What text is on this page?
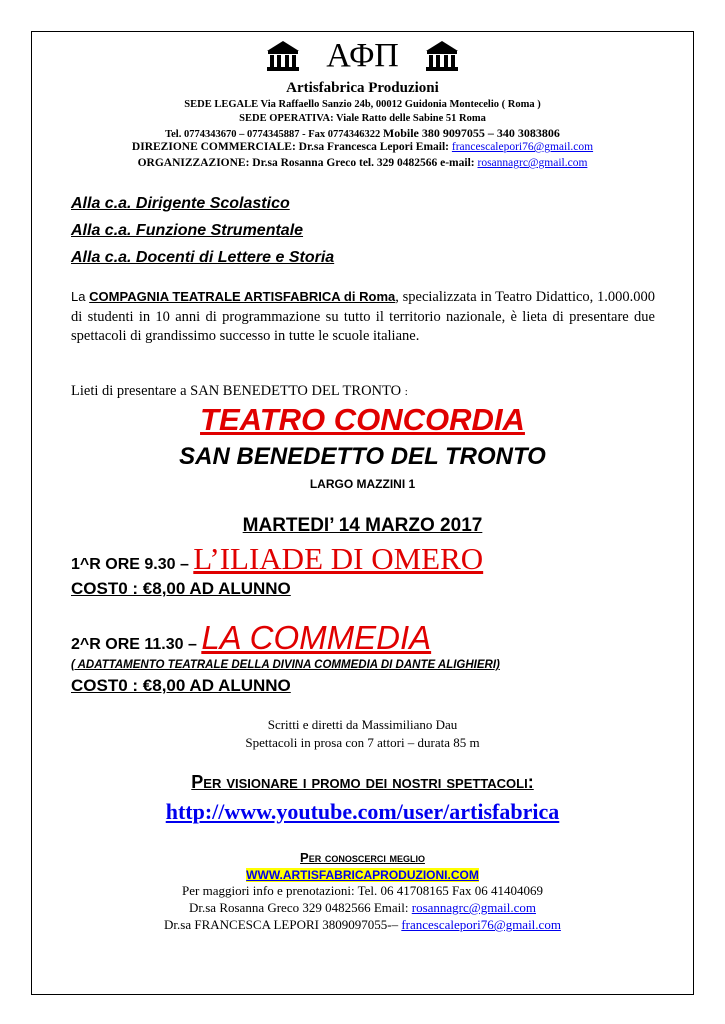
ΑΦΠ
Artisfabrica Produzioni
SEDE LEGALE Via Raffaello Sanzio 24b, 00012 Guidonia Montecelio ( Roma )
SEDE OPERATIVA: Viale Ratto delle Sabine 51 Roma
Tel. 0774343670 – 0774345887 - Fax 0774346322 Mobile 380 9097055 – 340 3083806
DIREZIONE COMMERCIALE: Dr.sa Francesca Lepori Email: francescalepori76@gmail.com
ORGANIZZAZIONE: Dr.sa Rosanna Greco tel. 329 0482566 e-mail: rosannagrc@gmail.com
Alla c.a. Dirigente Scolastico
Alla c.a. Funzione Strumentale
Alla c.a. Docenti di Lettere e Storia
La COMPAGNIA TEATRALE ARTISFABRICA di Roma, specializzata in Teatro Didattico, 1.000.000 di studenti in 10 anni di programmazione su tutto il territorio nazionale, è lieta di presentare due spettacoli di grandissimo successo in tutte le scuole italiane.
Lieti di presentare a SAN BENEDETTO DEL TRONTO :
TEATRO CONCORDIA
SAN BENEDETTO DEL TRONTO
LARGO MAZZINI 1
MARTEDI’ 14 MARZO 2017
1^R ORE 9.30 – L’ILIADE DI OMERO
COST0 : €8,00 AD ALUNNO
2^R ORE 11.30 – LA COMMEDIA
( ADATTAMENTO TEATRALE DELLA DIVINA COMMEDIA DI DANTE ALIGHIERI)
COST0 : €8,00 AD ALUNNO
Scritti e diretti da Massimiliano Dau
Spettacoli in prosa con 7 attori – durata 85 m
Per visionare i promo dei nostri spettacoli:
http://www.youtube.com/user/artisfabrica
Per conoscerci meglio
WWW.ARTISFABRICAPRODUZIONI.COM
Per maggiori info e prenotazioni: Tel. 06 41708165 Fax 06 41404069
Dr.sa Rosanna Greco 329 0482566 Email: rosannagrc@gmail.com
Dr.sa FRANCESCA LEPORI 3809097055-– francescalepori76@gmail.com
